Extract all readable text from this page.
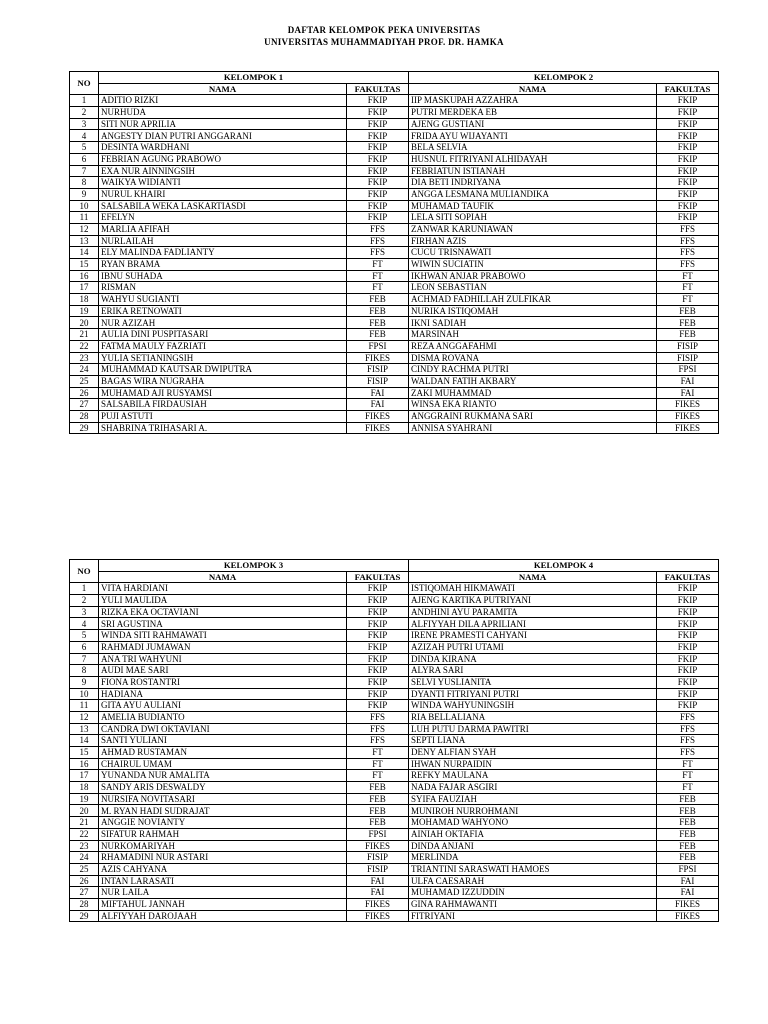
DAFTAR KELOMPOK PEKA UNIVERSITAS

UNIVERSITAS MUHAMMADIYAH PROF. DR. HAMKA

NO	KELOMPOK 1		KELOMPOK 2	
	NAMA	FAKULTAS	NAMA	FAKULTAS
1	ADITIO RIZKI	FKIP	IIP MASKUPAH AZZAHRA	FKIP
2	NURHUDA	FKIP	PUTRI MERDEKA EB	FKIP
3	SITI NUR APRILIA	FKIP	AJENG GUSTIANI	FKIP
4	ANGESTY DIAN PUTRI ANGGARANI	FKIP	FRIDA AYU WIJAYANTI	FKIP
5	DESINTA WARDHANI	FKIP	BELA SELVIA	FKIP
6	FEBRIAN AGUNG PRABOWO	FKIP	HUSNUL FITRIYANI ALHIDAYAH	FKIP
7	EXA NUR AINNINGSIH	FKIP	FEBRIATUN ISTIANAH	FKIP
8	WAIKYA WIDIANTI	FKIP	DIA BETI INDRIYANA	FKIP
9	NURUL KHAIRI	FKIP	ANGGA LESMANA MULIANDIKA	FKIP
10	SALSABILA WEKA LASKARTIASDI	FKIP	MUHAMAD TAUFIK	FKIP
11	EFELYN	FKIP	LELA SITI SOPIAH	FKIP
12	MARLIA AFIFAH	FFS	ZANWAR KARUNIAWAN	FFS
13	NURLAILAH	FFS	FIRHAN AZIS	FFS
14	ELY MALINDA FADLIANTY	FFS	CUCU TRISNAWATI	FFS
15	RYAN BRAMA	FT	WIWIN SUCIATIN	FFS
16	IBNU SUHADA	FT	IKHWAN ANJAR PRABOWO	FT
17	RISMAN	FT	LEON SEBASTIAN	FT
18	WAHYU SUGIANTI	FEB	ACHMAD FADHILLAH ZULFIKAR	FT
19	ERIKA RETNOWATI	FEB	NURIKA ISTIQOMAH	FEB
20	NUR AZIZAH	FEB	IKNI SADIAH	FEB
21	AULIA DINI PUSPITASARI	FEB	MARSINAH	FEB
22	FATMA MAULY FAZRIATI	FPSI	REZA ANGGAFAHMI	FISIP
23	YULIA SETIANINGSIH	FIKES	DISMA ROVANA	FISIP
24	MUHAMMAD KAUTSAR DWIPUTRA	FISIP	CINDY RACHMA PUTRI	FPSI
25	BAGAS WIRA NUGRAHA	FISIP	WALDAN FATIH AKBARY	FAI
26	MUHAMAD AJI RUSYAMSI	FAI	ZAKI MUHAMMAD	FAI
27	SALSABILA FIRDAUSIAH	FAI	WINSA EKA RIANTO	FIKES
28	PUJI ASTUTI	FIKES	ANGGRAINI RUKMANA SARI	FIKES
29	SHABRINA TRIHASARI A.	FIKES	ANNISA SYAHRANI	FIKES
NO	KELOMPOK 3		KELOMPOK 4	
	NAMA	FAKULTAS	NAMA	FAKULTAS
1	VITA HARDIANI	FKIP	ISTIQOMAH HIKMAWATI	FKIP
2	YULI MAULIDA	FKIP	AJENG KARTIKA PUTRIYANI	FKIP
3	RIZKA EKA OCTAVIANI	FKIP	ANDHINI AYU PARAMITA	FKIP
4	SRI AGUSTINA	FKIP	ALFIYYAH DILA APRILIANI	FKIP
5	WINDA SITI RAHMAWATI	FKIP	IRENE PRAMESTI CAHYANI	FKIP
6	RAHMADI JUMAWAN	FKIP	AZIZAH PUTRI UTAMI	FKIP
7	ANA TRI WAHYUNI	FKIP	DINDA KIRANA	FKIP
8	AUDI MAE SARI	FKIP	ALYRA SARI	FKIP
9	FIONA ROSTANTRI	FKIP	SELVI YUSLIANITA	FKIP
10	HADIANA	FKIP	DYANTI FITRIYANI PUTRI	FKIP
11	GITA AYU AULIANI	FKIP	WINDA WAHYUNINGSIH	FKIP
12	AMELIA BUDIANTO	FFS	RIA BELLALIANA	FFS
13	CANDRA DWI OKTAVIANI	FFS	LUH PUTU DARMA PAWITRI	FFS
14	SANTI YULIANI	FFS	SEPTI LIANA	FFS
15	AHMAD RUSTAMAN	FT	DENY ALFIAN SYAH	FFS
16	CHAIRUL UMAM	FT	IHWAN NURPAIDIN	FT
17	YUNANDA NUR AMALITA	FT	REFKY MAULANA	FT
18	SANDY ARIS DESWALDY	FEB	NADA FAJAR ASGIRI	FT
19	NURSIFA NOVITASARI	FEB	SYIFA FAUZIAH	FEB
20	M. RYAN HADI SUDRAJAT	FEB	MUNIROH NURROHMANI	FEB
21	ANGGIE NOVIANTY	FEB	MOHAMAD WAHYONO	FEB
22	SIFATUR RAHMAH	FPSI	AINIAH OKTAFIA	FEB
23	NURKOMARIYAH	FIKES	DINDA ANJANI	FEB
24	RHAMADINI NUR ASTARI	FISIP	MERLINDA	FEB
25	AZIS CAHYANA	FISIP	TRIANTINI SARASWATI HAMOES	FPSI
26	INTAN LARASATI	FAI	ULFA CAESARAH	FAI
27	NUR LAILA	FAI	MUHAMAD IZZUDDIN	FAI
28	MIFTAHUL JANNAH	FIKES	GINA RAHMAWANTI	FIKES
29	ALFIYYAH DAROJAAH	FIKES	FITRIYANI	FIKES
